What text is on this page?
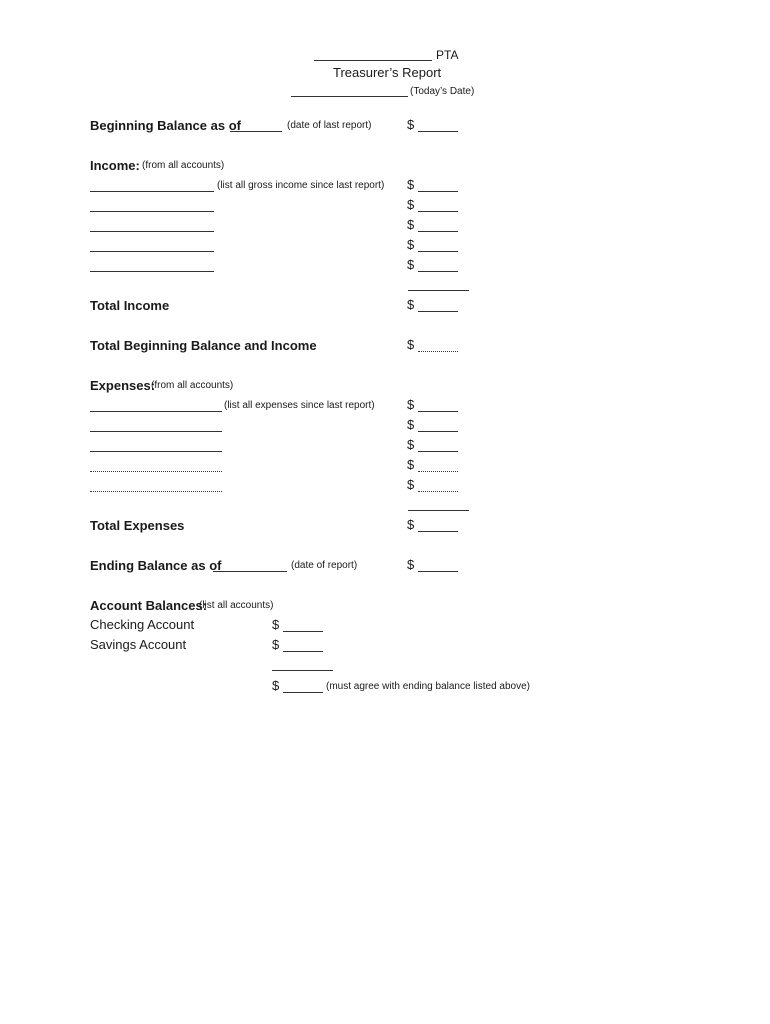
PTA
Treasurer’s Report
(Today’s Date)
Beginning Balance as of	(date of last report)	$
Income: (from all accounts)
(list all gross income since last report) $
$
$
$
$
Total Income	$
Total Beginning Balance and Income	$
Expenses:
(from all accounts)
(list all expenses since last report) $
$
$
$
$
Total Expenses	$
Ending Balance as of	(date of report)	$
Account Balances:
(list all accounts)
Checking Account	$
Savings Account	$
$	(must agree with ending balance listed above)
